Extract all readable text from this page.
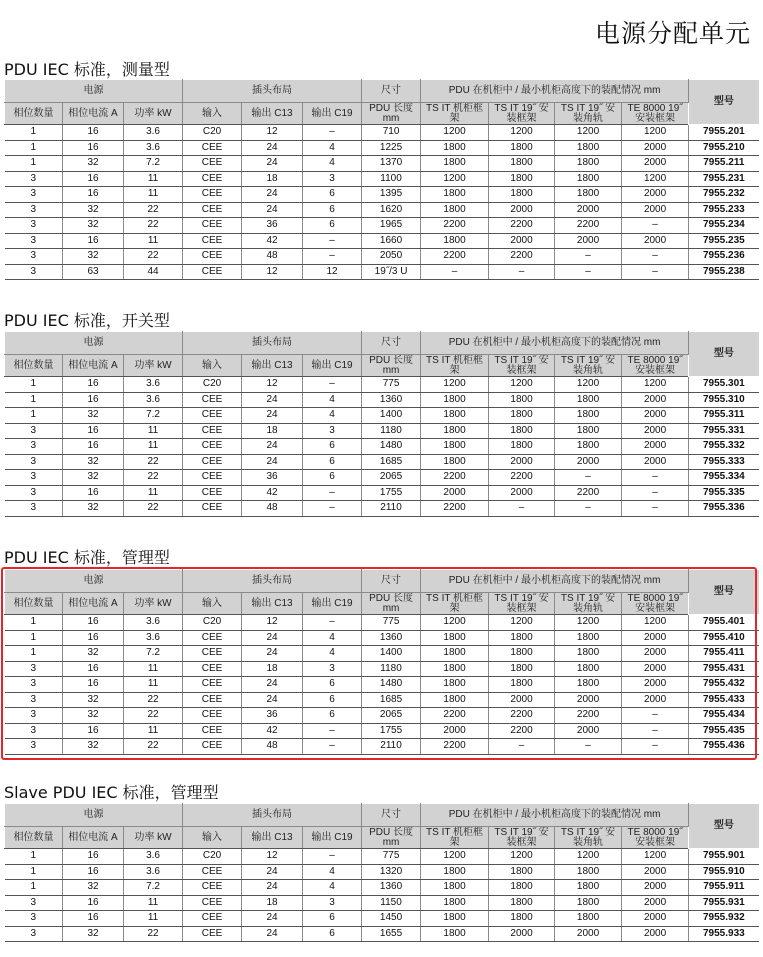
电源分配单元
PDU IEC 标准，测量型
电源			插头布局			尺寸	PDU 在机柜中 / 最小机柜高度下的装配情况 mm				型号
相位数量	相位电流 A	功率 kW	输入	输出 C13	输出 C19	PDU 长度 mm	TS IT 机柜框架	TS IT 19˝ 安装框架	TS IT 19˝ 安装角轨	TE 8000 19˝ 安装框架	
1	16	3.6	C20	12	–	710	1200	1200	1200	1200	7955.201
1	16	3.6	CEE	24	4	1225	1800	1800	1800	2000	7955.210
1	32	7.2	CEE	24	4	1370	1800	1800	1800	2000	7955.211
3	16	11	CEE	18	3	1100	1200	1800	1800	1200	7955.231
3	16	11	CEE	24	6	1395	1800	1800	1800	2000	7955.232
3	32	22	CEE	24	6	1620	1800	2000	2000	2000	7955.233
3	32	22	CEE	36	6	1965	2200	2200	2200	–	7955.234
3	16	11	CEE	42	–	1660	1800	2000	2000	2000	7955.235
3	32	22	CEE	48	–	2050	2200	2200	–	–	7955.236
3	63	44	CEE	12	12	19˝/3 U	–	–	–	–	7955.238
PDU IEC 标准，开关型
电源			插头布局			尺寸	PDU 在机柜中 / 最小机柜高度下的装配情况 mm				型号
相位数量	相位电流 A	功率 kW	输入	输出 C13	输出 C19	PDU 长度 mm	TS IT 机柜框架	TS IT 19˝ 安装框架	TS IT 19˝ 安装角轨	TE 8000 19˝ 安装框架	
1	16	3.6	C20	12	–	775	1200	1200	1200	1200	7955.301
1	16	3.6	CEE	24	4	1360	1800	1800	1800	2000	7955.310
1	32	7.2	CEE	24	4	1400	1800	1800	1800	2000	7955.311
3	16	11	CEE	18	3	1180	1800	1800	1800	2000	7955.331
3	16	11	CEE	24	6	1480	1800	1800	1800	2000	7955.332
3	32	22	CEE	24	6	1685	1800	2000	2000	2000	7955.333
3	32	22	CEE	36	6	2065	2200	2200	–	–	7955.334
3	16	11	CEE	42	–	1755	2000	2000	2200	–	7955.335
3	32	22	CEE	48	–	2110	2200	–	–	–	7955.336
PDU IEC 标准，管理型
电源			插头布局			尺寸	PDU 在机柜中 / 最小机柜高度下的装配情况 mm				型号
相位数量	相位电流 A	功率 kW	输入	输出 C13	输出 C19	PDU 长度 mm	TS IT 机柜框架	TS IT 19˝ 安装框架	TS IT 19˝ 安装角轨	TE 8000 19˝ 安装框架	
1	16	3.6	C20	12	–	775	1200	1200	1200	1200	7955.401
1	16	3.6	CEE	24	4	1360	1800	1800	1800	2000	7955.410
1	32	7.2	CEE	24	4	1400	1800	1800	1800	2000	7955.411
3	16	11	CEE	18	3	1180	1800	1800	1800	2000	7955.431
3	16	11	CEE	24	6	1480	1800	1800	1800	2000	7955.432
3	32	22	CEE	24	6	1685	1800	2000	2000	2000	7955.433
3	32	22	CEE	36	6	2065	2200	2200	2200	–	7955.434
3	16	11	CEE	42	–	1755	2000	2200	2000	–	7955.435
3	32	22	CEE	48	–	2110	2200	–	–	–	7955.436
Slave PDU IEC 标准，管理型
电源			插头布局			尺寸	PDU 在机柜中 / 最小机柜高度下的装配情况 mm				型号
相位数量	相位电流 A	功率 kW	输入	输出 C13	输出 C19	PDU 长度 mm	TS IT 机柜框架	TS IT 19˝ 安装框架	TS IT 19˝ 安装角轨	TE 8000 19˝ 安装框架	
1	16	3.6	C20	12	–	775	1200	1200	1200	1200	7955.901
1	16	3.6	CEE	24	4	1320	1800	1800	1800	2000	7955.910
1	32	7.2	CEE	24	4	1360	1800	1800	1800	2000	7955.911
3	16	11	CEE	18	3	1150	1800	1800	1800	2000	7955.931
3	16	11	CEE	24	6	1450	1800	1800	1800	2000	7955.932
3	32	22	CEE	24	6	1655	1800	2000	2000	2000	7955.933
